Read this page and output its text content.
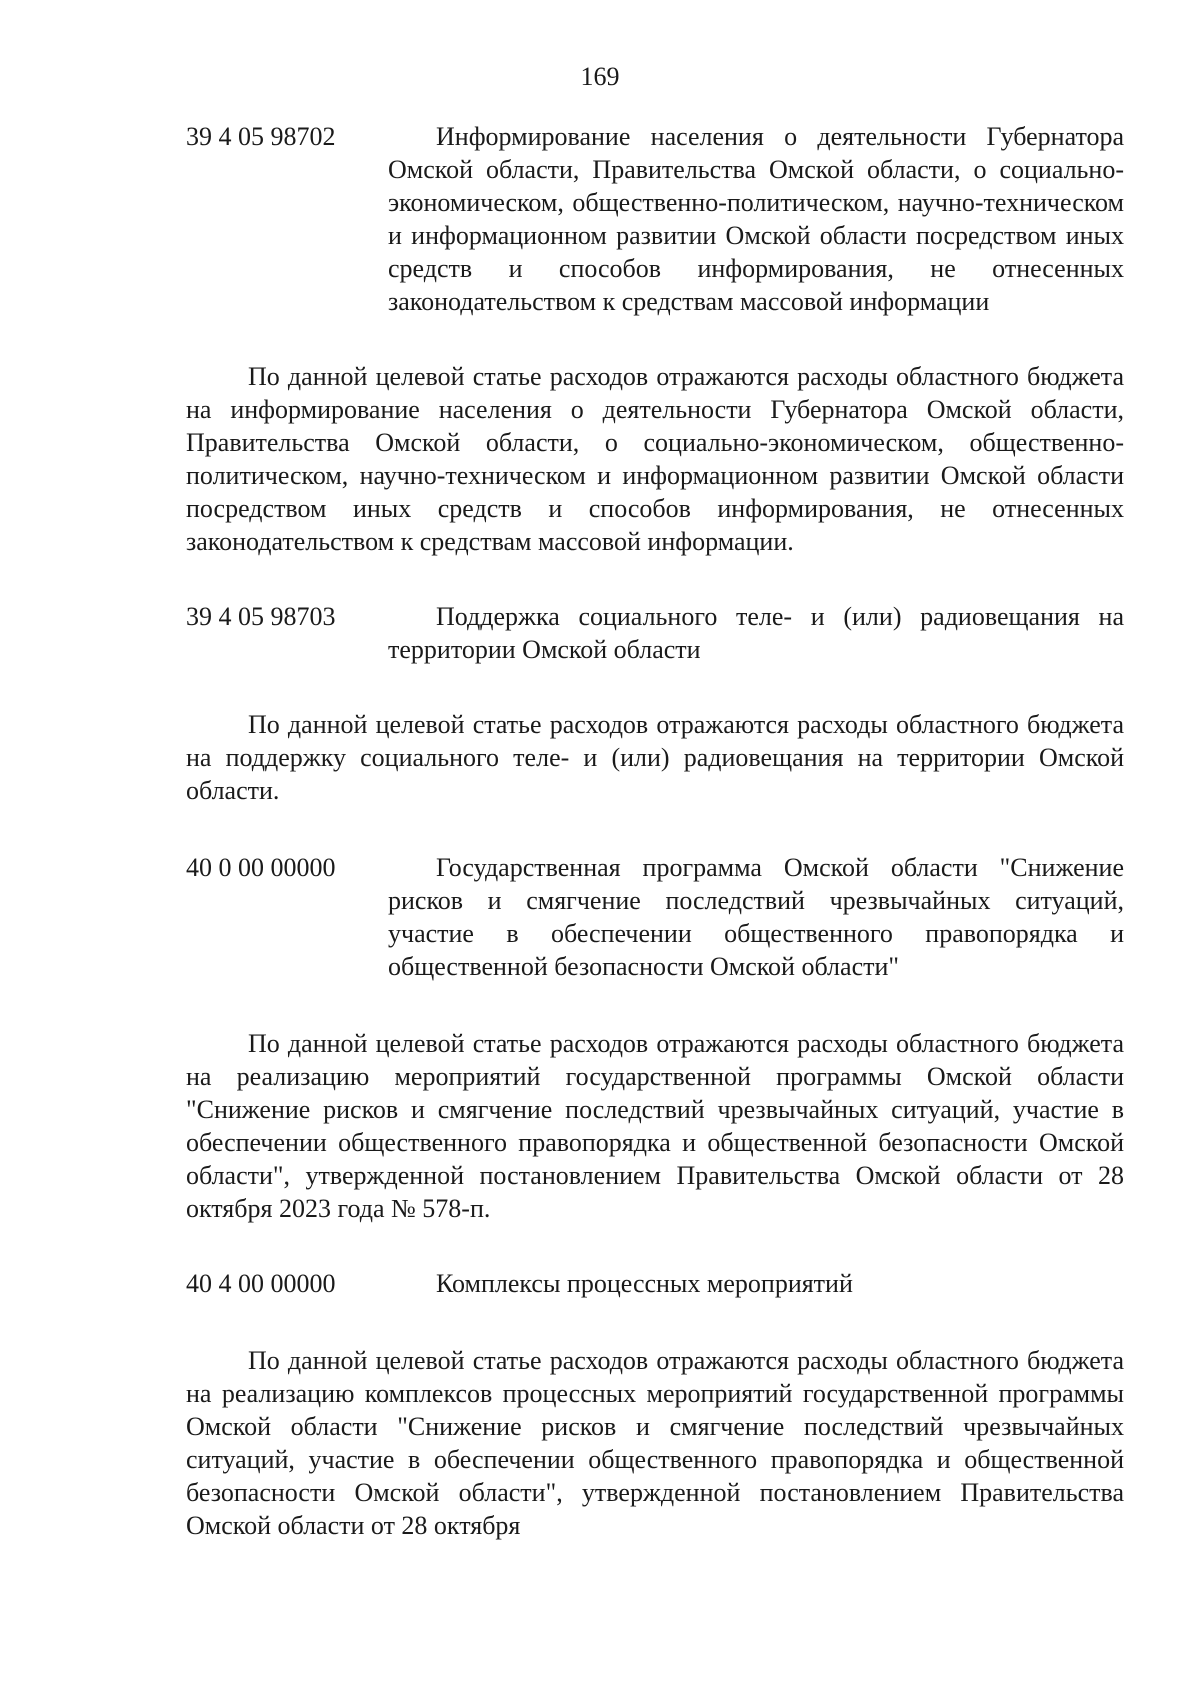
169
39 4 05 98702	Информирование населения о деятельности Губернатора Омской области, Правительства Омской области, о социально-экономическом, общественно-политическом, научно-техническом и информационном развитии Омской области посредством иных средств и способов информирования, не отнесенных законодательством к средствам массовой информации
По данной целевой статье расходов отражаются расходы областного бюджета на информирование населения о деятельности Губернатора Омской области, Правительства Омской области, о социально-экономическом, общественно-политическом, научно-техническом и информационном развитии Омской области посредством иных средств и способов информирования, не отнесенных законодательством к средствам массовой информации.
39 4 05 98703	Поддержка социального теле- и (или) радиовещания на территории Омской области
По данной целевой статье расходов отражаются расходы областного бюджета на поддержку социального теле- и (или) радиовещания на территории Омской области.
40 0 00 00000	Государственная программа Омской области "Снижение рисков и смягчение последствий чрезвычайных ситуаций, участие в обеспечении общественного правопорядка и общественной безопасности Омской области"
По данной целевой статье расходов отражаются расходы областного бюджета на реализацию мероприятий государственной программы Омской области "Снижение рисков и смягчение последствий чрезвычайных ситуаций, участие в обеспечении общественного правопорядка и общественной безопасности Омской области", утвержденной постановлением Правительства Омской области от 28 октября 2023 года № 578-п.
40 4 00 00000	Комплексы процессных мероприятий
По данной целевой статье расходов отражаются расходы областного бюджета на реализацию комплексов процессных мероприятий государственной программы Омской области "Снижение рисков и смягчение последствий чрезвычайных ситуаций, участие в обеспечении общественного правопорядка и общественной безопасности Омской области", утвержденной постановлением Правительства Омской области от 28 октября
